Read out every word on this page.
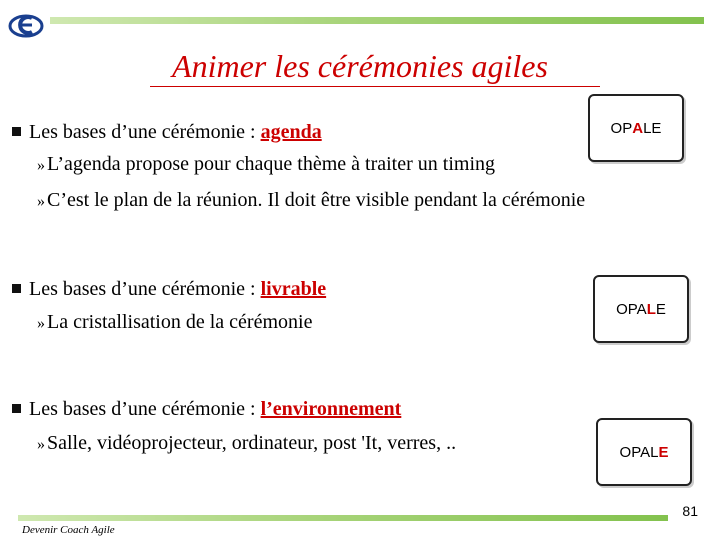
Animer les cérémonies agiles
Les bases d’une cérémonie : agenda
» L’agenda propose pour chaque thème à traiter un timing
» C’est le plan de la réunion. Il doit être visible pendant la cérémonie
OP A LE
Les bases d’une cérémonie : livrable
» La cristallisation de la cérémonie
OPA L E
Les bases d’une cérémonie : l’environnement
» Salle, vidéoprojecteur, ordinateur, post 'It, verres, ..	OPAL E
81
Devenir Coach Agile
